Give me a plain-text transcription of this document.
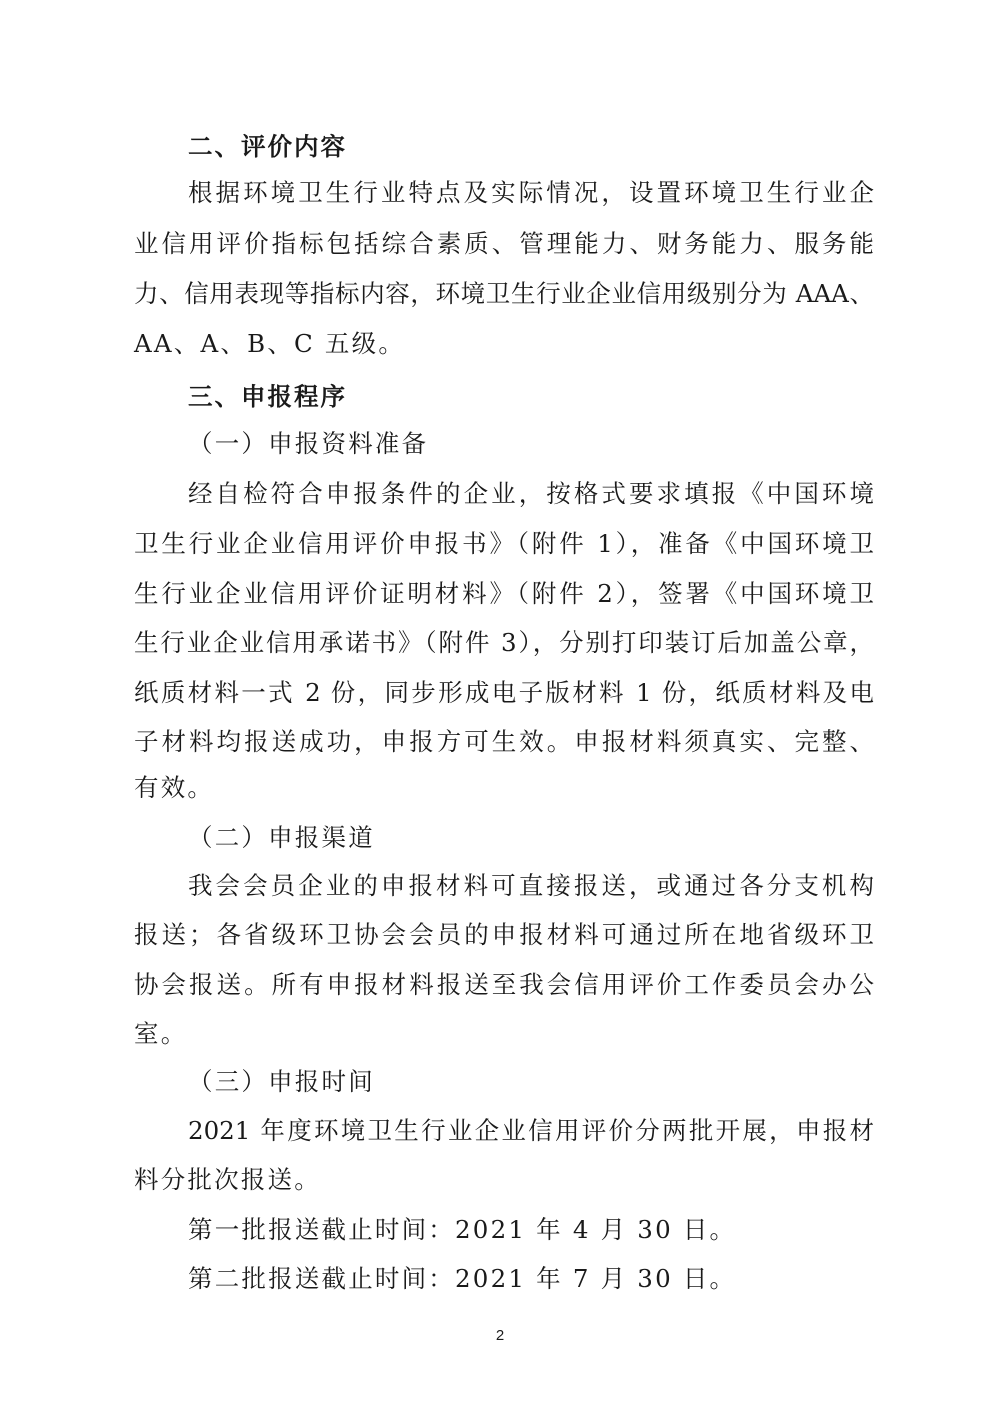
二、评价内容
根据环境卫生行业特点及实际情况，设置环境卫生行业企
业信用评价指标包括综合素质、管理能力、财务能力、服务能
力、信用表现等指标内容，环境卫生行业企业信用级别分为 AAA、
AA、A、B、C 五级。
三、申报程序
（一）申报资料准备
经自检符合申报条件的企业，按格式要求填报《中国环境
卫生行业企业信用评价申报书》（附件 1），准备《中国环境卫
生行业企业信用评价证明材料》（附件 2），签署《中国环境卫
生行业企业信用承诺书》（附件 3），分别打印装订后加盖公章，
纸质材料一式 2 份，同步形成电子版材料 1 份，纸质材料及电
子材料均报送成功，申报方可生效。申报材料须真实、完整、
有效。
（二）申报渠道
我会会员企业的申报材料可直接报送，或通过各分支机构
报送；各省级环卫协会会员的申报材料可通过所在地省级环卫
协会报送。所有申报材料报送至我会信用评价工作委员会办公
室。
（三）申报时间
2021 年度环境卫生行业企业信用评价分两批开展，申报材
料分批次报送。
第一批报送截止时间：2021 年 4 月 30 日。
第二批报送截止时间：2021 年 7 月 30 日。
2
